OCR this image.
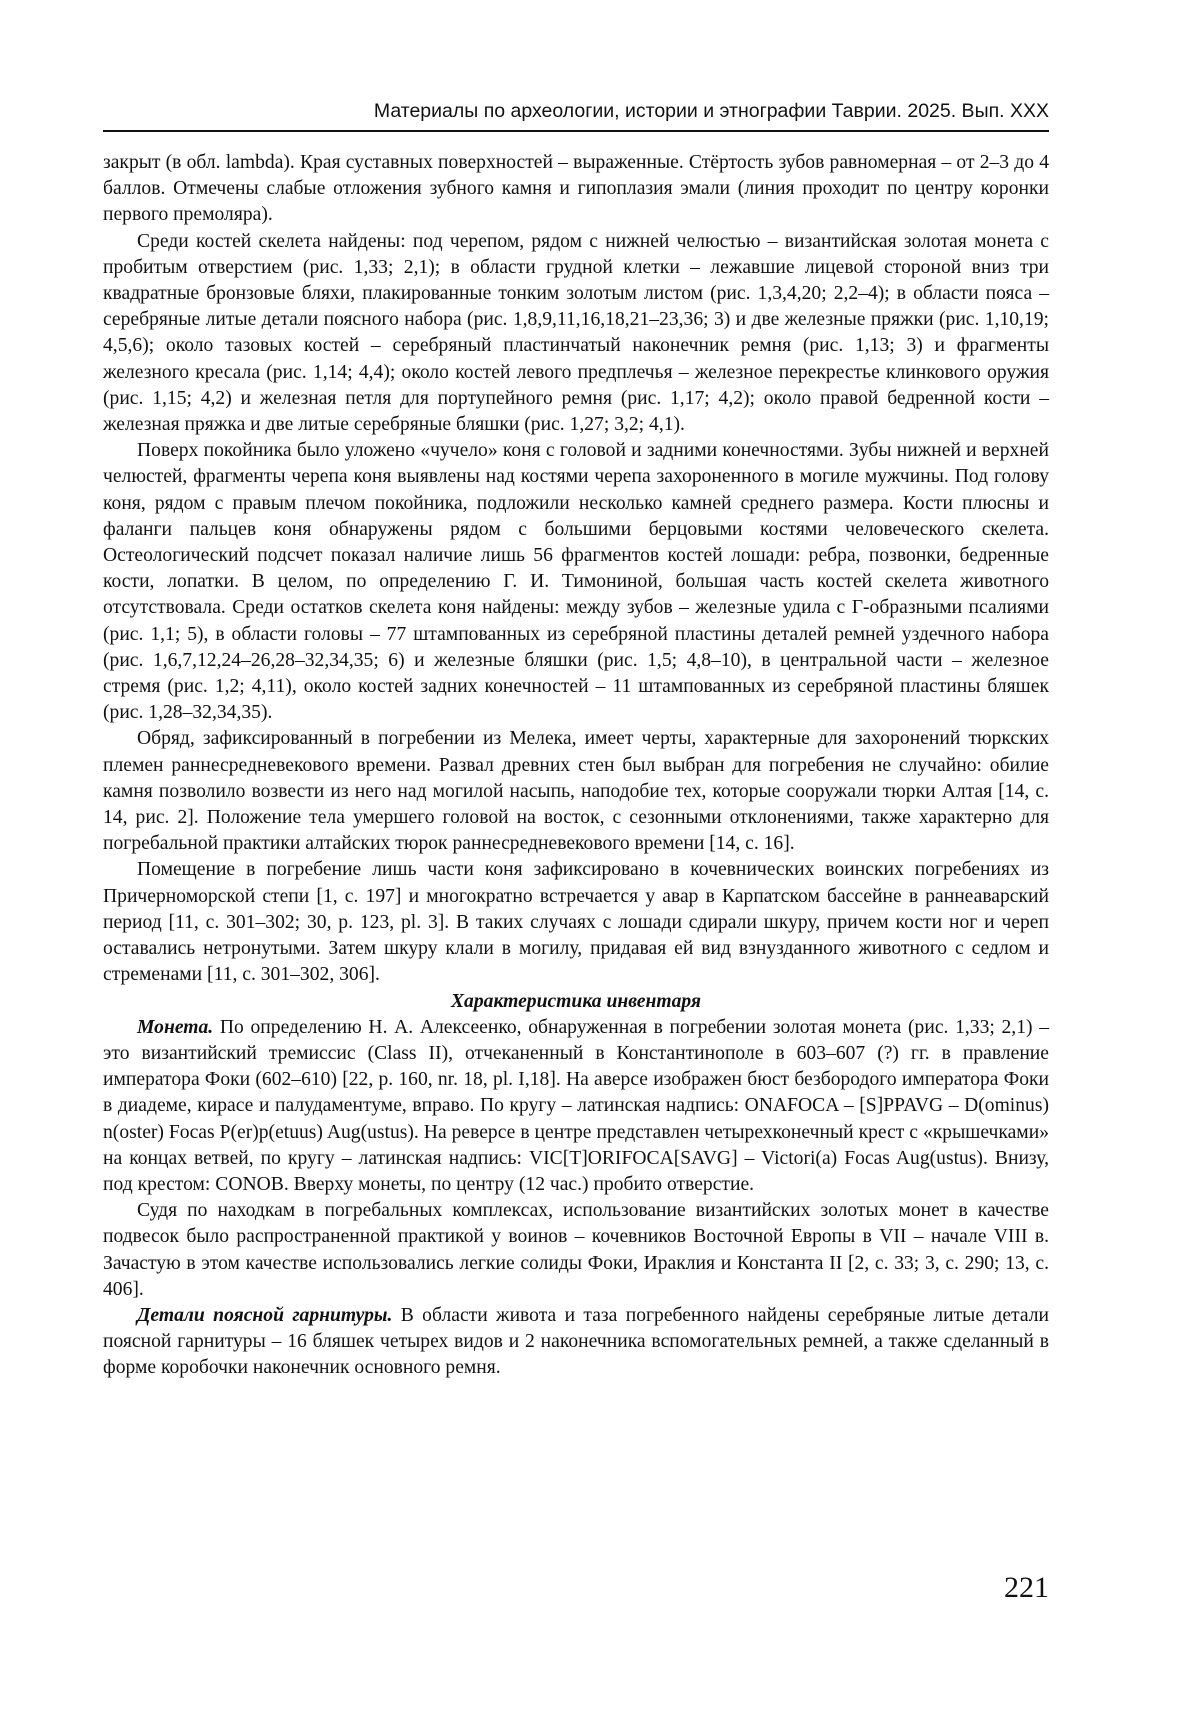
Материалы по археологии, истории и этнографии Таврии. 2025. Вып. XXX

закрыт (в обл. lambda). Края суставных поверхностей – выраженные. Стёртость зубов равномерная – от 2–3 до 4 баллов. Отмечены слабые отложения зубного камня и гипоплазия эмали (линия проходит по центру коронки первого премоляра).

Среди костей скелета найдены: под черепом, рядом с нижней челюстью – византийская золотая монета с пробитым отверстием (рис. 1,33; 2,1); в области грудной клетки – лежавшие лицевой стороной вниз три квадратные бронзовые бляхи, плакированные тонким золотым листом (рис. 1,3,4,20; 2,2–4); в области пояса – серебряные литые детали поясного набора (рис. 1,8,9,11,16,18,21–23,36; 3) и две железные пряжки (рис. 1,10,19; 4,5,6); около тазовых костей – серебряный пластинчатый наконечник ремня (рис. 1,13; 3) и фрагменты железного кресала (рис. 1,14; 4,4); около костей левого предплечья – железное перекрестье клинкового оружия (рис. 1,15; 4,2) и железная петля для портупейного ремня (рис. 1,17; 4,2); около правой бедренной кости – железная пряжка и две литые серебряные бляшки (рис. 1,27; 3,2; 4,1).

Поверх покойника было уложено «чучело» коня с головой и задними конечностями. Зубы нижней и верхней челюстей, фрагменты черепа коня выявлены над костями черепа захороненного в могиле мужчины. Под голову коня, рядом с правым плечом покойника, подложили несколько камней среднего размера. Кости плюсны и фаланги пальцев коня обнаружены рядом с большими берцовыми костями человеческого скелета. Остеологический подсчет показал наличие лишь 56 фрагментов костей лошади: ребра, позвонки, бедренные кости, лопатки. В целом, по определению Г. И. Тимониной, большая часть костей скелета животного отсутствовала. Среди остатков скелета коня найдены: между зубов – железные удила с Г-образными псалиями (рис. 1,1; 5), в области головы – 77 штампованных из серебряной пластины деталей ремней уздечного набора (рис. 1,6,7,12,24–26,28–32,34,35; 6) и железные бляшки (рис. 1,5; 4,8–10), в центральной части – железное стремя (рис. 1,2; 4,11), около костей задних конечностей – 11 штампованных из серебряной пластины бляшек (рис. 1,28–32,34,35).

Обряд, зафиксированный в погребении из Мелека, имеет черты, характерные для захоронений тюркских племен раннесредневекового времени. Развал древних стен был выбран для погребения не случайно: обилие камня позволило возвести из него над могилой насыпь, наподобие тех, которые сооружали тюрки Алтая [14, с. 14, рис. 2]. Положение тела умершего головой на восток, с сезонными отклонениями, также характерно для погребальной практики алтайских тюрок раннесредневекового времени [14, с. 16].

Помещение в погребение лишь части коня зафиксировано в кочевнических воинских погребениях из Причерноморской степи [1, с. 197] и многократно встречается у авар в Карпатском бассейне в раннеаварский период [11, с. 301–302; 30, p. 123, pl. 3]. В таких случаях с лошади сдирали шкуру, причем кости ног и череп оставались нетронутыми. Затем шкуру клали в могилу, придавая ей вид взнузданного животного с седлом и стременами [11, с. 301–302, 306].

Характеристика инвентаря

Монета. По определению Н. А. Алексеенко, обнаруженная в погребении золотая монета (рис. 1,33; 2,1) – это византийский тремиссис (Class II), отчеканенный в Константинополе в 603–607 (?) гг. в правление императора Фоки (602–610) [22, p. 160, nr. 18, pl. I,18]. На аверсе изображен бюст безбородого императора Фоки в диадеме, кирасе и палудаментуме, вправо. По кругу – латинская надпись: ONAFOCA – [S]PPAVG – D(ominus) n(oster) Focas P(er)p(etuus) Aug(ustus). На реверсе в центре представлен четырехконечный крест с «крышечками» на концах ветвей, по кругу – латинская надпись: VIC[T]ORIFOCA[SAVG] – Victori(a) Focas Aug(ustus). Внизу, под крестом: CONOB. Вверху монеты, по центру (12 час.) пробито отверстие.

Судя по находкам в погребальных комплексах, использование византийских золотых монет в качестве подвесок было распространенной практикой у воинов – кочевников Восточной Европы в VII – начале VIII в. Зачастую в этом качестве использовались легкие солиды Фоки, Ираклия и Константа II [2, с. 33; 3, с. 290; 13, с. 406].

Детали поясной гарнитуры. В области живота и таза погребенного найдены серебряные литые детали поясной гарнитуры – 16 бляшек четырех видов и 2 наконечника вспомогательных ремней, а также сделанный в форме коробочки наконечник основного ремня.

221
